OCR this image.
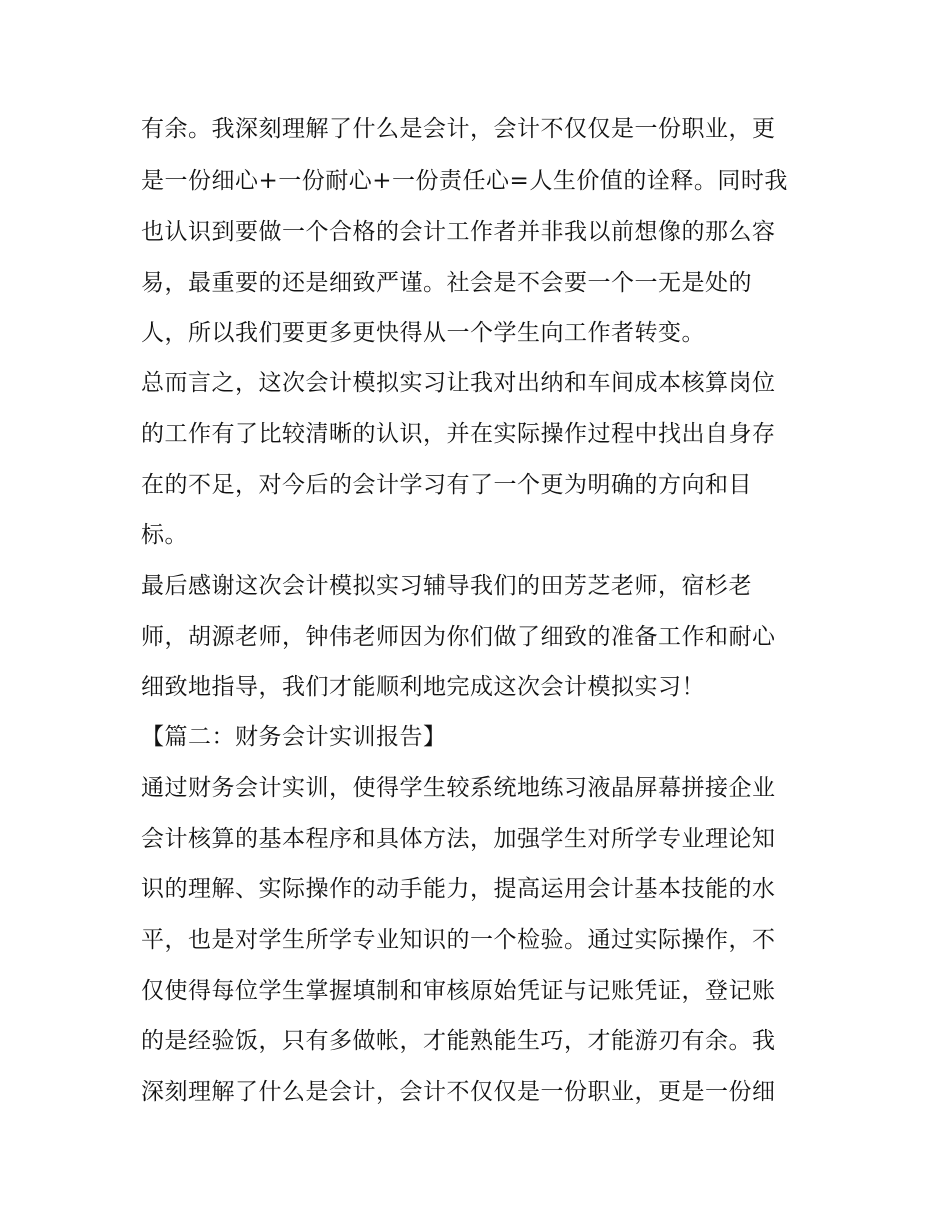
有余。我深刻理解了什么是会计，会计不仅仅是一份职业，更
是一份细心+一份耐心+一份责任心=人生价值的诠释。同时我
也认识到要做一个合格的会计工作者并非我以前想像的那么容
易，最重要的还是细致严谨。社会是不会要一个一无是处的
人，所以我们要更多更快得从一个学生向工作者转变。
总而言之，这次会计模拟实习让我对出纳和车间成本核算岗位
的工作有了比较清晰的认识，并在实际操作过程中找出自身存
在的不足，对今后的会计学习有了一个更为明确的方向和目
标。
最后感谢这次会计模拟实习辅导我们的田芳芝老师，宿杉老
师，胡源老师，钟伟老师因为你们做了细致的准备工作和耐心
细致地指导，我们才能顺利地完成这次会计模拟实习！
【篇二：财务会计实训报告】
通过财务会计实训，使得学生较系统地练习液晶屏幕拼接企业
会计核算的基本程序和具体方法，加强学生对所学专业理论知
识的理解、实际操作的动手能力，提高运用会计基本技能的水
平，也是对学生所学专业知识的一个检验。通过实际操作，不
仅使得每位学生掌握填制和审核原始凭证与记账凭证，登记账
的是经验饭，只有多做帐，才能熟能生巧，才能游刃有余。我
深刻理解了什么是会计，会计不仅仅是一份职业，更是一份细
